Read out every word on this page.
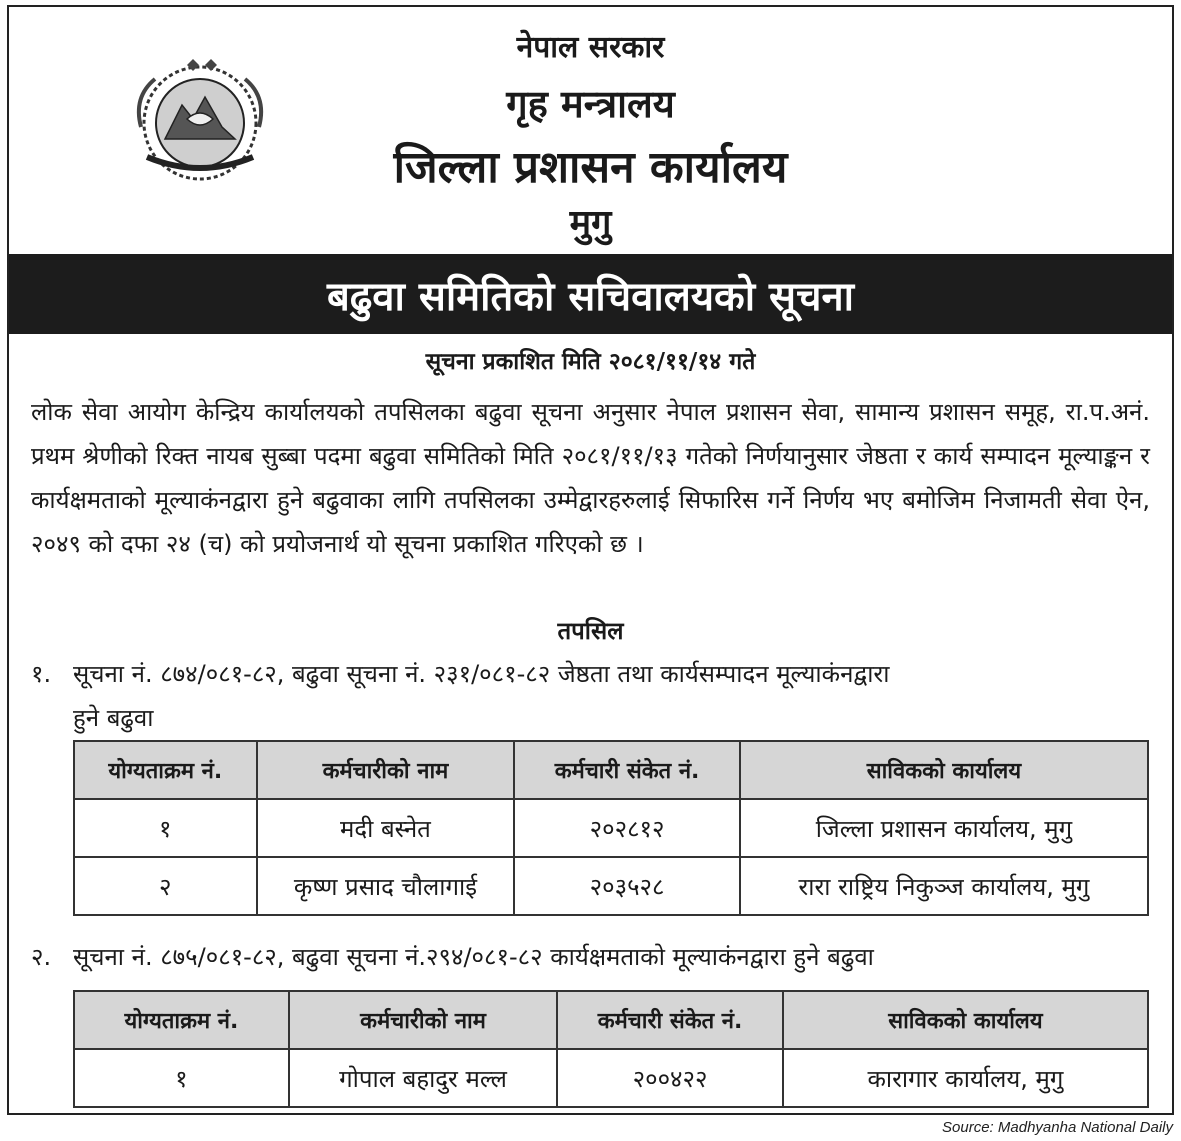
नेपाल सरकार
गृह मन्त्रालय
जिल्ला प्रशासन कार्यालय
मुगु
बढुवा समितिको सचिवालयको सूचना
सूचना प्रकाशित मिति २०८१/११/१४ गते
लोक सेवा आयोग केन्द्रिय कार्यालयको तपसिलका बढुवा सूचना अनुसार नेपाल प्रशासन सेवा, सामान्य प्रशासन समूह, रा.प.अनं. प्रथम श्रेणीको रिक्त नायब सुब्बा पदमा बढुवा समितिको मिति २०८१/११/१३ गतेको निर्णयानुसार जेष्ठता र कार्य सम्पादन मूल्याङ्कन र कार्यक्षमताको मूल्याकंनद्वारा हुने बढुवाका लागि तपसिलका उम्मेद्वारहरुलाई सिफारिस गर्ने निर्णय भए बमोजिम निजामती सेवा ऐन, २०४९ को दफा २४ (च) को प्रयोजनार्थ यो सूचना प्रकाशित गरिएको छ ।
तपसिल
१. सूचना नं. ८७४/०८१-८२, बढुवा सूचना नं. २३१/०८१-८२ जेष्ठता तथा कार्यसम्पादन मूल्याकंनद्वारा
हुने बढुवा
योग्यताक्रम नं.	कर्मचारीको नाम	कर्मचारी संकेत नं.	साविकको कार्यालय
१	मदी बस्नेत	२०२८१२	जिल्ला प्रशासन कार्यालय, मुगु
२	कृष्ण प्रसाद चौलागाई	२०३५२८	रारा राष्ट्रिय निकुञ्ज कार्यालय, मुगु
२. सूचना नं. ८७५/०८१-८२, बढुवा सूचना नं.२९४/०८१-८२ कार्यक्षमताको मूल्याकंनद्वारा हुने बढुवा
योग्यताक्रम नं.	कर्मचारीको नाम	कर्मचारी संकेत नं.	साविकको कार्यालय
१	गोपाल बहादुर मल्ल	२००४२२	कारागार कार्यालय, मुगु
Source: Madhyanha National Daily
